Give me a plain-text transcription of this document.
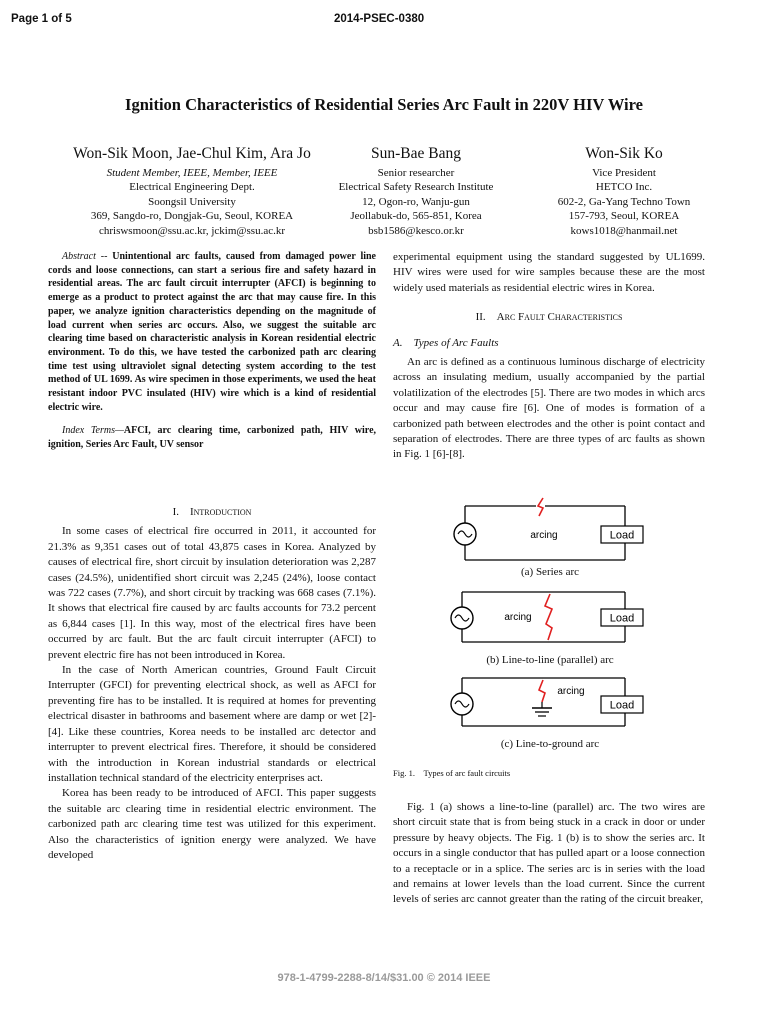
Page 1 of 5	2014-PSEC-0380
Ignition Characteristics of Residential Series Arc Fault in 220V HIV Wire
Won-Sik Moon, Jae-Chul Kim, Ara Jo
Student Member, IEEE, Member, IEEE
Electrical Engineering Dept.
Soongsil University
369, Sangdo-ro, Dongjak-Gu, Seoul, KOREA
chriswsmoon@ssu.ac.kr, jckim@ssu.ac.kr
Sun-Bae Bang
Senior researcher
Electrical Safety Research Institute
12, Ogon-ro, Wanju-gun
Jeollabuk-do, 565-851, Korea
bsb1586@kesco.or.kr
Won-Sik Ko
Vice President
HETCO Inc.
602-2, Ga-Yang Techno Town
157-793, Seoul, KOREA
kows1018@hanmail.net

Abstract -- Unintentional arc faults, caused from damaged power line cords and loose connections, can start a serious fire and safety hazard in residential areas. The arc fault circuit interrupter (AFCI) is beginning to emerge as a product to protect against the arc that may cause fire. In this paper, we analyze ignition characteristics depending on the magnitude of load current when series arc occurs. Also, we suggest the suitable arc clearing time based on characteristic analysis in Korean residential electric environment. To do this, we have tested the carbonized path arc clearing time test using ultraviolet signal detecting system according to the test method of UL 1699. As wire specimen in those experiments, we used the heat resistant indoor PVC insulated (HIV) wire which is a kind of residential electric wire.

Index Terms—AFCI, arc clearing time, carbonized path, HIV wire, ignition, Series Arc Fault, UV sensor

I. Introduction

In some cases of electrical fire occurred in 2011, it accounted for 21.3% as 9,351 cases out of total 43,875 cases in Korea. Analyzed by causes of electrical fire, short circuit by insulation deterioration was 2,287 cases (24.5%), unidentified short circuit was 2,245 (24%), loose contact was 722 cases (7.7%), and short circuit by tracking was 668 cases (7.1%). It shows that electrical fire caused by arc faults accounts for 73.2 percent as 6,844 cases [1]. In this way, most of the electrical fires have been occurred by arc fault. But the arc fault circuit interrupter (AFCI) to prevent electric fire has not been introduced in Korea.

In the case of North American countries, Ground Fault Circuit Interrupter (GFCI) for preventing electrical shock, as well as AFCI for preventing fire has to be installed. It is required at homes for preventing electrical disaster in bathrooms and basement where are damp or wet [2]-[4]. Like these countries, Korea needs to be installed arc detector and interrupter to prevent electrical fires. Therefore, it should be considered with the introduction in Korean industrial standards or electrical installation technical standard of the electricity enterprises act.

Korea has been ready to be introduced of AFCI. This paper suggests the suitable arc clearing time in residential electric environment. The carbonized path arc clearing time test was utilized for this experiment. Also the characteristics of ignition energy were analyzed. We have developed

experimental equipment using the standard suggested by UL1699. HIV wires were used for wire samples because these are the most widely used materials as residential electric wires in Korea.

II. Arc Fault Characteristics
A. Types of Arc Faults

An arc is defined as a continuous luminous discharge of electricity across an insulating medium, usually accompanied by the partial volatilization of the electrodes [5]. There are two modes in which arcs occur and may cause fire [6]. One of modes is formation of a carbonized path between electrodes and the other is point contact and separation of electrodes. There are three types of arc faults as shown in Fig. 1 [6]-[8].

Load
arcing
Load
arcing
Load
arcing
(a) Series arc
(b) Line-to-line (parallel) arc
(c) Line-to-ground arc
Fig. 1. Types of arc fault circuits

Fig. 1 (a) shows a line-to-line (parallel) arc. The two wires are short circuit state that is from being stuck in a crack in door or under pressure by heavy objects. The Fig. 1 (b) is to show the series arc. It occurs in a single conductor that has pulled apart or a loose connection to a receptacle or in a splice. The series arc is in series with the load and remains at lower levels than the load current. Since the current levels of series arc cannot greater than the rating of the circuit breaker,

978-1-4799-2288-8/14/$31.00 © 2014 IEEE
